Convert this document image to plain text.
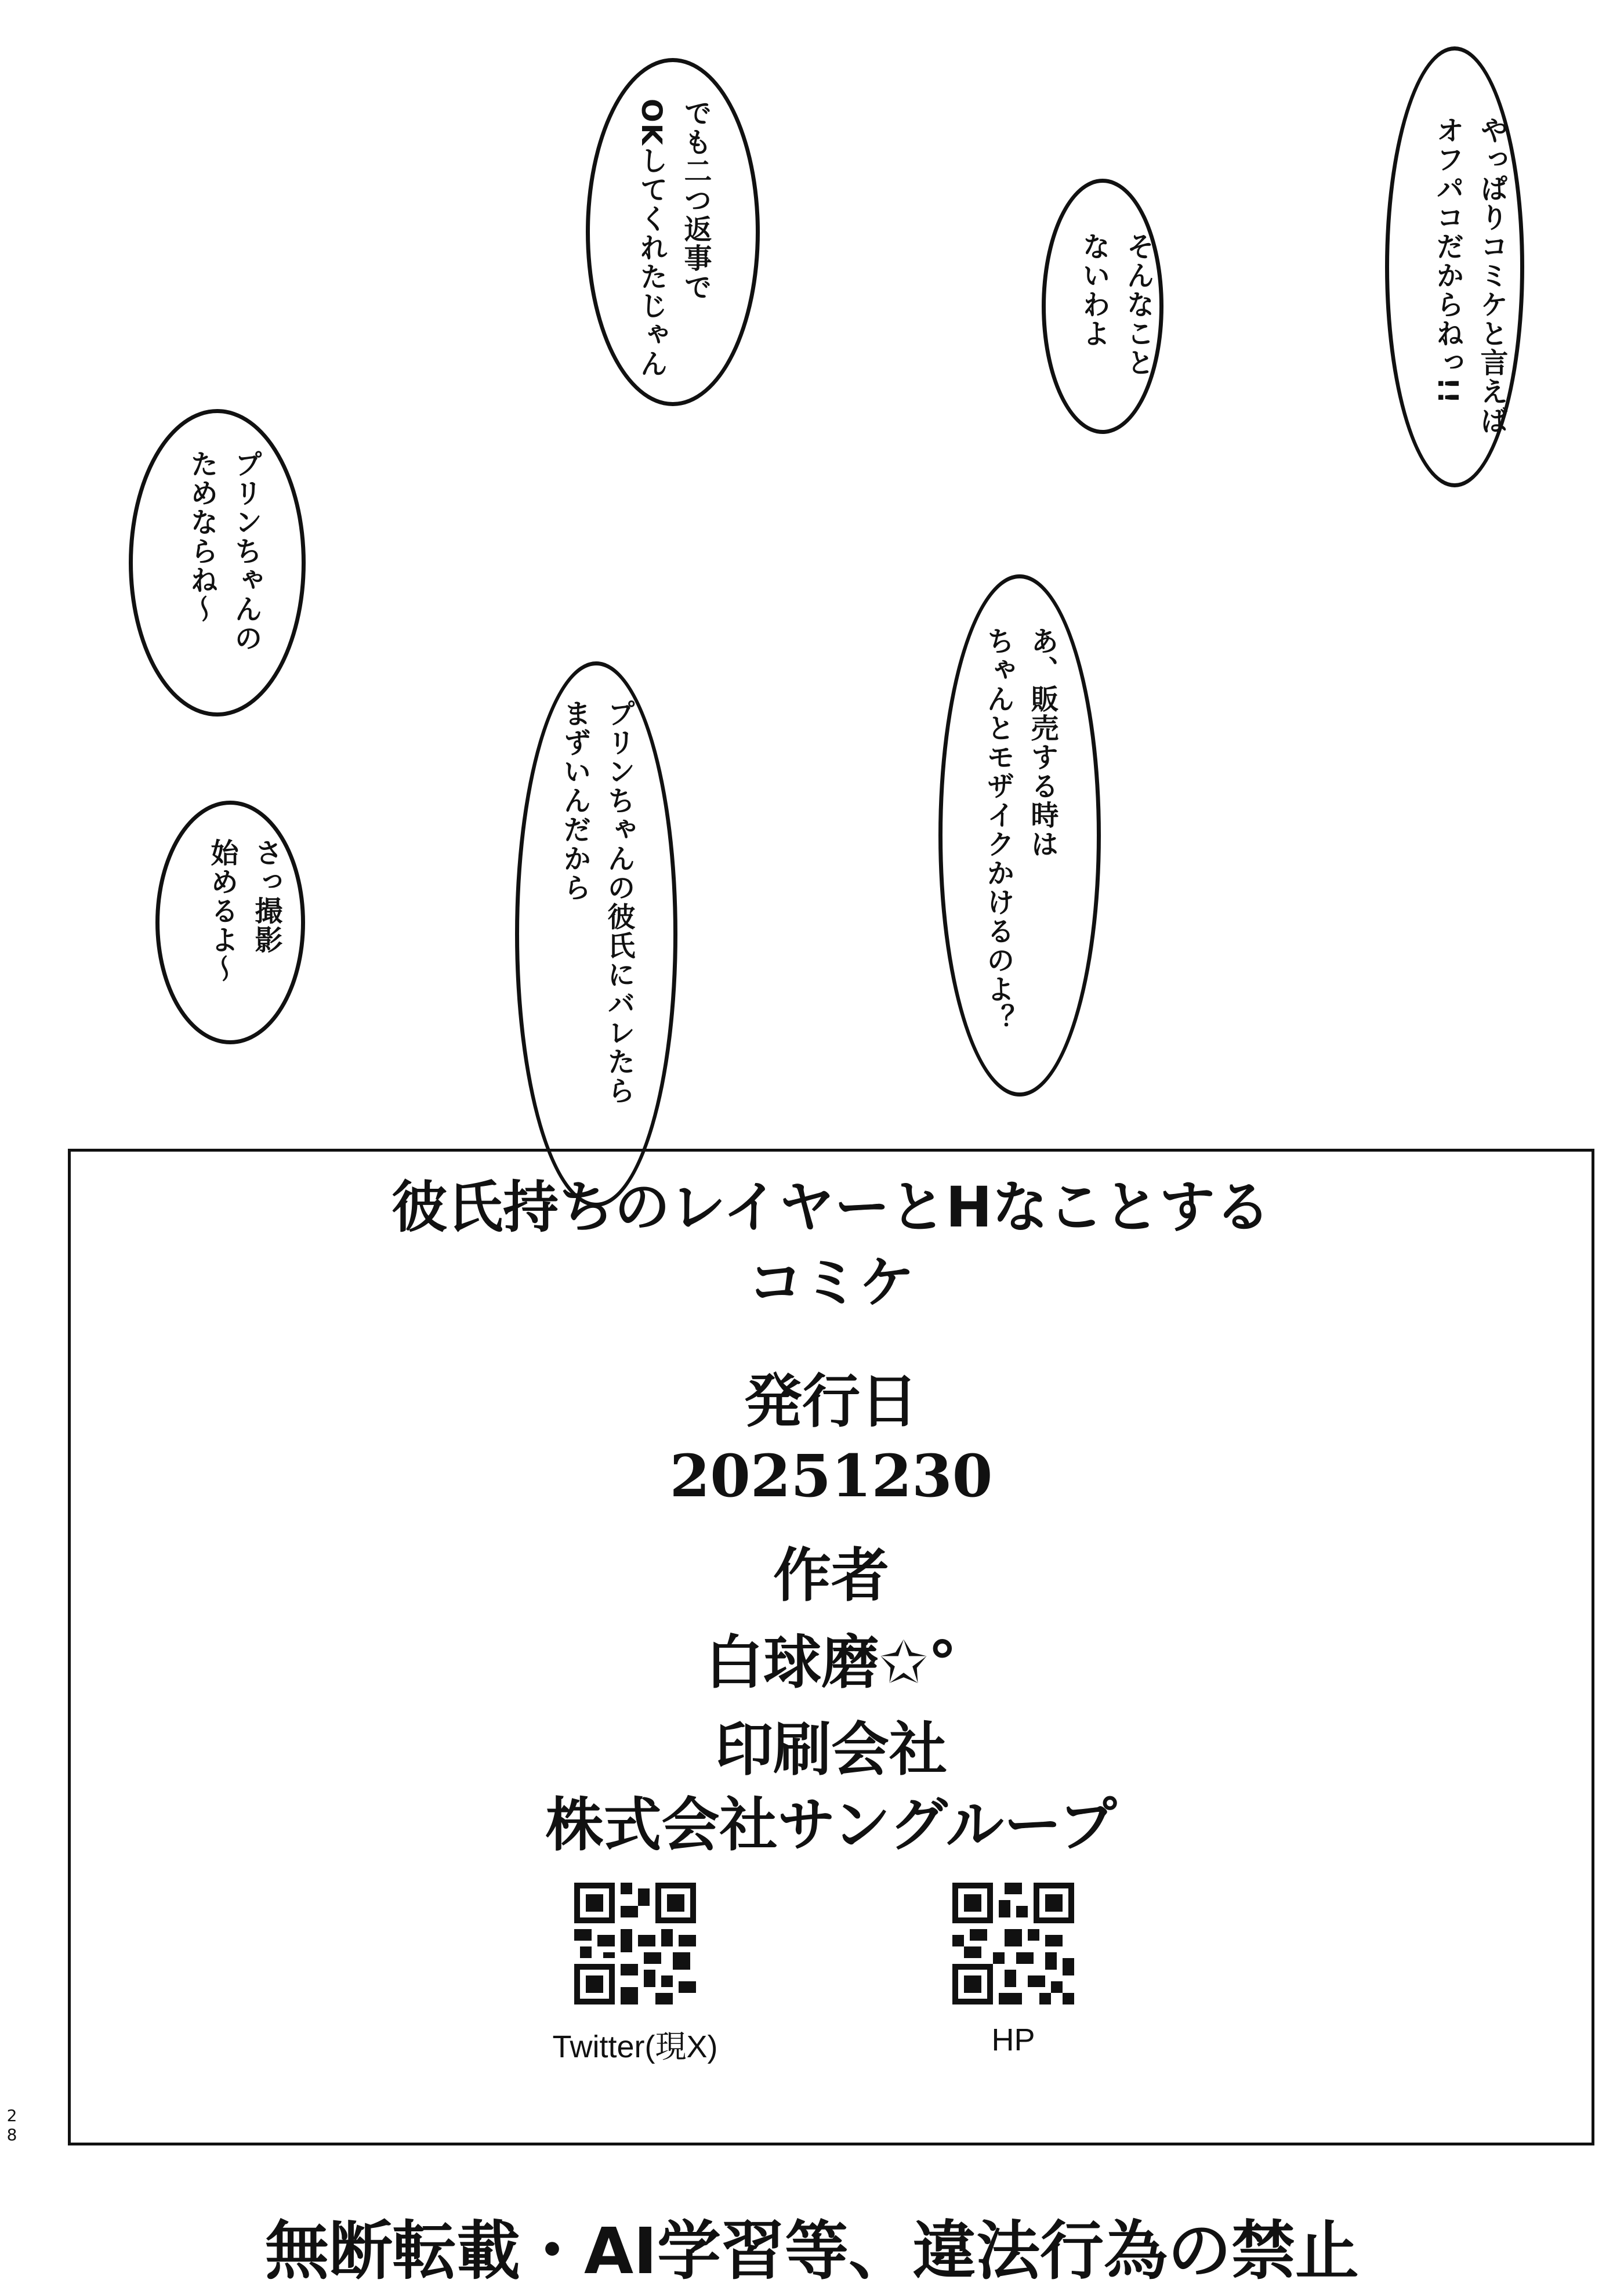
やっぱりコミケと言えば
オフパコだからねっ!!
でも二つ返事で
OKしてくれたじゃん	そんなこと
ないわよ
プリンちゃんの
ためならね～
あ、販売する時は
ちゃんとモザイクかけるのよ？
プリンちゃんの彼氏にバレたら
まずいんだから
さっ撮影
始めるよ～
彼氏持ちのレイヤーとHなことする
コミケ
発行日
20251230
作者
白球磨✩°
印刷会社
株式会社サングループ
Twitter(現X)	HP
28
無断転載・AI学習等、違法行為の禁止
